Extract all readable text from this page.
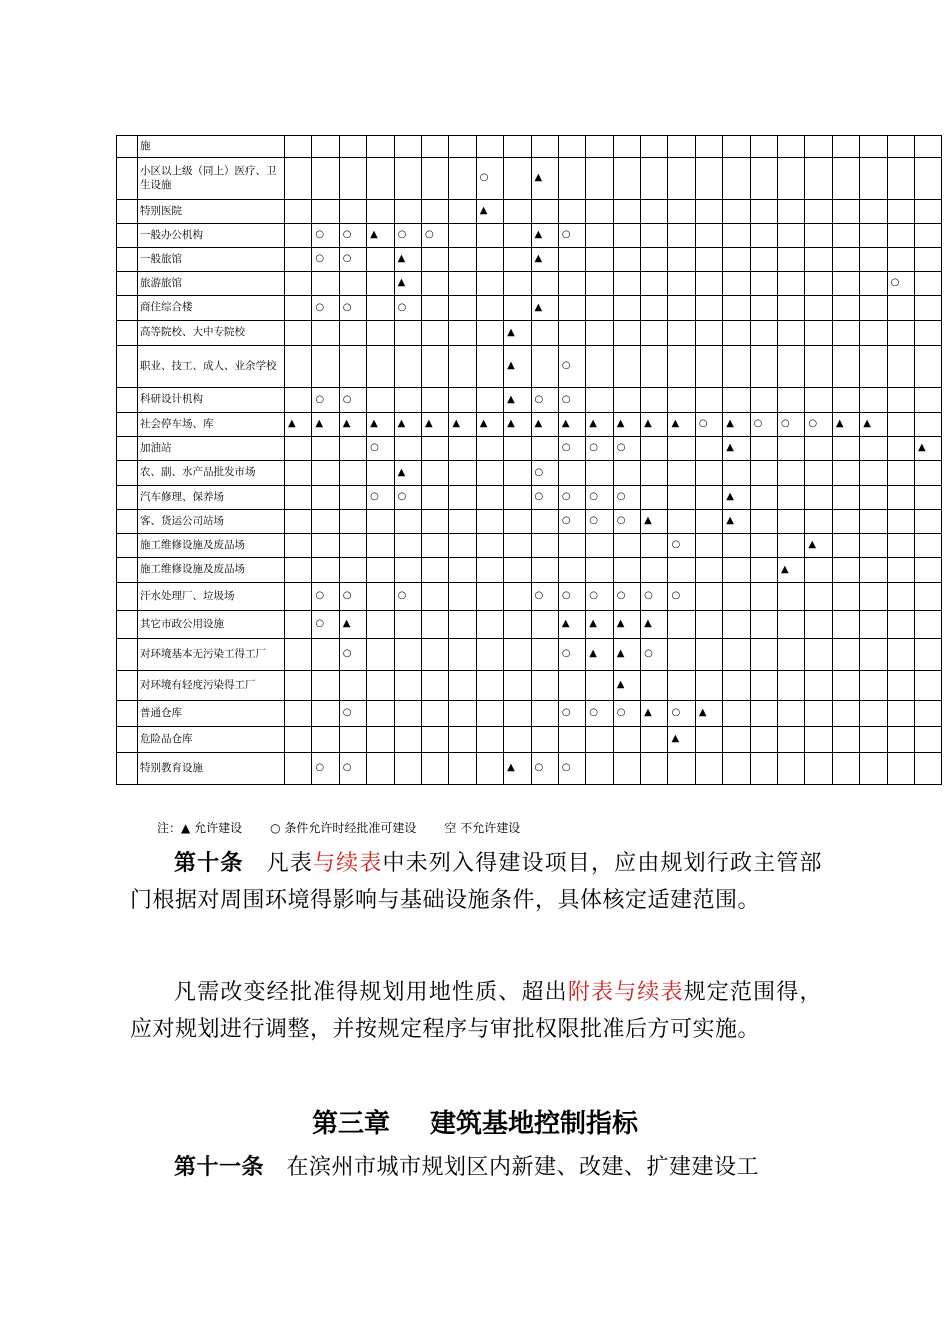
	施																								
	小区以上级（同上）医疗、卫生设施								○		▲														
	特别医院								▲																
	一般办公机构		○	○	▲	○	○				▲	○													
	一般旅馆		○	○		▲					▲														
	旅游旅馆					▲																		○	
	商住综合楼		○	○		○					▲														
	高等院校、大中专院校									▲															
	职业、技工、成人、业余学校									▲		○													
	科研设计机构		○	○						▲	○	○													
	社会停车场、库	▲	▲	▲	▲	▲	▲	▲	▲	▲	▲	▲	▲	▲	▲	▲	○	▲	○	○	○	▲	▲		
	加油站				○							○	○	○				▲							▲
	农、副、水产品批发市场					▲					○														
	汽车修理、保养场				○	○					○	○	○	○				▲							
	客、货运公司站场											○	○	○	▲			▲							
	施工维修设施及废品场															○					▲				
	施工维修设施及废品场																			▲					
	汗水处理厂、垃圾场		○	○		○					○	○	○	○	○	○									
	其它市政公用设施		○	▲								▲	▲	▲	▲										
	对环境基本无污染工得工厂			○								○	▲	▲	○										
	对环境有轻度污染得工厂													▲											
	普通仓库			○								○	○	○	▲	○	▲								
	危险品仓库															▲									
	特别教育设施		○	○						▲	○	○													
注：▲ 允许建设 ○ 条件允许时经批准可建设 空 不允许建设
第十条　 凡表与续表中未列入得建设项目，应由规划行政主管部门根据对周围环境得影响与基础设施条件，具体核定适建范围。
凡需改变经批准得规划用地性质、超出附表与续表规定范围得，应对规划进行调整，并按规定程序与审批权限批准后方可实施。
第三章 建筑基地控制指标
第十一条　 在滨州市城市规划区内新建、改建、扩建建设工
